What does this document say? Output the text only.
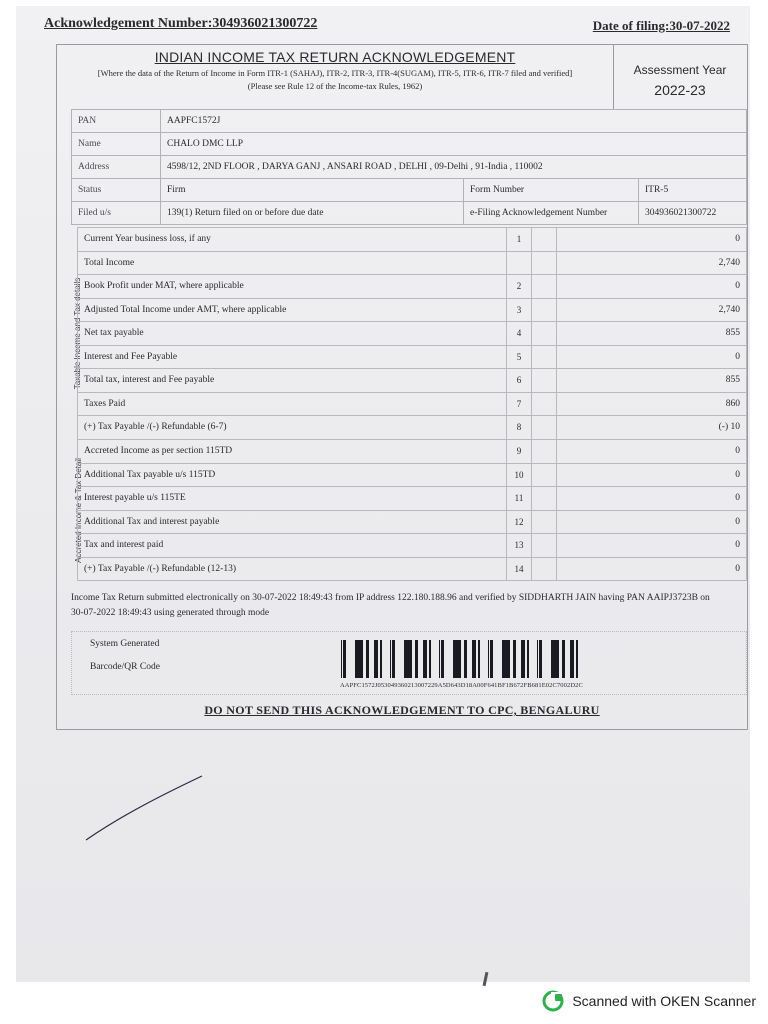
Acknowledgement Number:304936021300722	Date of filing:30-07-2022
INDIAN INCOME TAX RETURN ACKNOWLEDGEMENT
[Where the data of the Return of Income in Form ITR-1 (SAHAJ), ITR-2, ITR-3, ITR-4(SUGAM), ITR-5, ITR-6, ITR-7 filed and verified]
(Please see Rule 12 of the Income-tax Rules, 1962)
Assessment Year
2022-23
PAN	AAPFC1572J		
Name	CHALO DMC LLP		
Address	4598/12, 2ND FLOOR , DARYA GANJ , ANSARI ROAD , DELHI , 09-Delhi , 91-India , 110002		
Status	Firm	Form Number	ITR-5
Filed u/s	139(1) Return filed on or before due date	e-Filing Acknowledgement Number	304936021300722
Taxable Income and Tax details
Current Year business loss, if any	1		0
Total Income			2,740
Book Profit under MAT, where applicable	2		0
Adjusted Total Income under AMT, where applicable	3		2,740
Net tax payable	4		855
Interest and Fee Payable	5		0
Total tax, interest and Fee payable	6		855
Taxes Paid	7		860
(+) Tax Payable /(-) Refundable (6-7)	8		(-) 10
Accreted Income & Tax Detail
Accreted Income as per section 115TD	9		0
Additional Tax payable u/s 115TD	10		0
Interest payable u/s 115TE	11		0
Additional Tax and interest payable	12		0
Tax and interest paid	13		0
(+) Tax Payable /(-) Refundable (12-13)	14		0
Income Tax Return submitted electronically on 30-07-2022 18:49:43 from IP address 122.180.188.96 and verified by SIDDHARTH JAIN having PAN AAIPJ3723B on 30-07-2022 18:49:43 using generated through mode
System Generated
Barcode/QR Code
AAPFC1572J05304936021300722​9A5D643D18A00F641BF1B672FB681E02C7002D2C
DO NOT SEND THIS ACKNOWLEDGEMENT TO CPC, BENGALURU
Scanned with OKEN Scanner
